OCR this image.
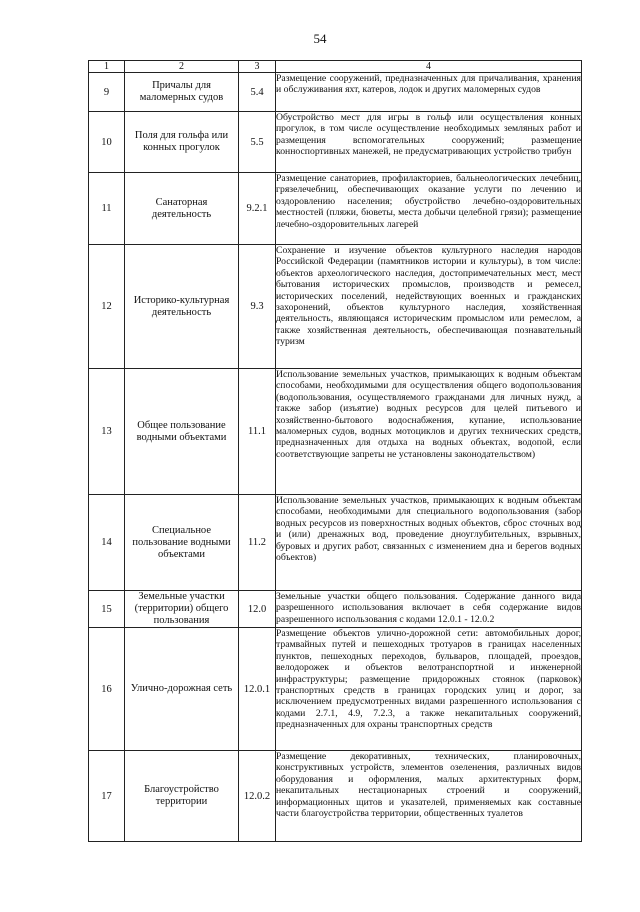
54
1	2	3	4
9	Причалы для маломерных судов	5.4	Размещение сооружений, предназначенных для причаливания, хранения и обслуживания яхт, катеров, лодок и других маломерных судов
10	Поля для гольфа или конных прогулок	5.5	Обустройство мест для игры в гольф или осуществления конных прогулок, в том числе осуществление необходимых земляных работ и размещения вспомогательных сооружений; размещение конноспортивных манежей, не предусматривающих устройство трибун
11	Санаторная деятельность	9.2.1	Размещение санаториев, профилакториев, бальнеологических лечебниц, грязелечебниц, обеспечивающих оказание услуги по лечению и оздоровлению населения; обустройство лечебно-оздоровительных местностей (пляжи, бюветы, места добычи целебной грязи); размещение лечебно-оздоровительных лагерей
12	Историко-культурная деятельность	9.3	Сохранение и изучение объектов культурного наследия народов Российской Федерации (памятников истории и культуры), в том числе: объектов археологического наследия, достопримечательных мест, мест бытования исторических промыслов, производств и ремесел, исторических поселений, недействующих военных и гражданских захоронений, объектов культурного наследия, хозяйственная деятельность, являющаяся историческим промыслом или ремеслом, а также хозяйственная деятельность, обеспечивающая познавательный туризм
13	Общее пользование водными объектами	11.1	Использование земельных участков, примыкающих к водным объектам способами, необходимыми для осуществления общего водопользования (водопользования, осуществляемого гражданами для личных нужд, а также забор (изъятие) водных ресурсов для целей питьевого и хозяйственно-бытового водоснабжения, купание, использование маломерных судов, водных мотоциклов и других технических средств, предназначенных для отдыха на водных объектах, водопой, если соответствующие запреты не установлены законодательством)
14	Специальное пользование водными объектами	11.2	Использование земельных участков, примыкающих к водным объектам способами, необходимыми для специального водопользования (забор водных ресурсов из поверхностных водных объектов, сброс сточных вод и (или) дренажных вод, проведение дноуглубительных, взрывных, буровых и других работ, связанных с изменением дна и берегов водных объектов)
15	Земельные участки (территории) общего пользования	12.0	Земельные участки общего пользования. Содержание данного вида разрешенного использования включает в себя содержание видов разрешенного использования с кодами 12.0.1 - 12.0.2
16	Улично-дорожная сеть	12.0.1	Размещение объектов улично-дорожной сети: автомобильных дорог, трамвайных путей и пешеходных тротуаров в границах населенных пунктов, пешеходных переходов, бульваров, площадей, проездов, велодорожек и объектов велотранспортной и инженерной инфраструктуры; размещение придорожных стоянок (парковок) транспортных средств в границах городских улиц и дорог, за исключением предусмотренных видами разрешенного использования с кодами 2.7.1, 4.9, 7.2.3, а также некапитальных сооружений, предназначенных для охраны транспортных средств
17	Благоустройство территории	12.0.2	Размещение декоративных, технических, планировочных, конструктивных устройств, элементов озеленения, различных видов оборудования и оформления, малых архитектурных форм, некапитальных нестационарных строений и сооружений, информационных щитов и указателей, применяемых как составные части благоустройства территории, общественных туалетов
